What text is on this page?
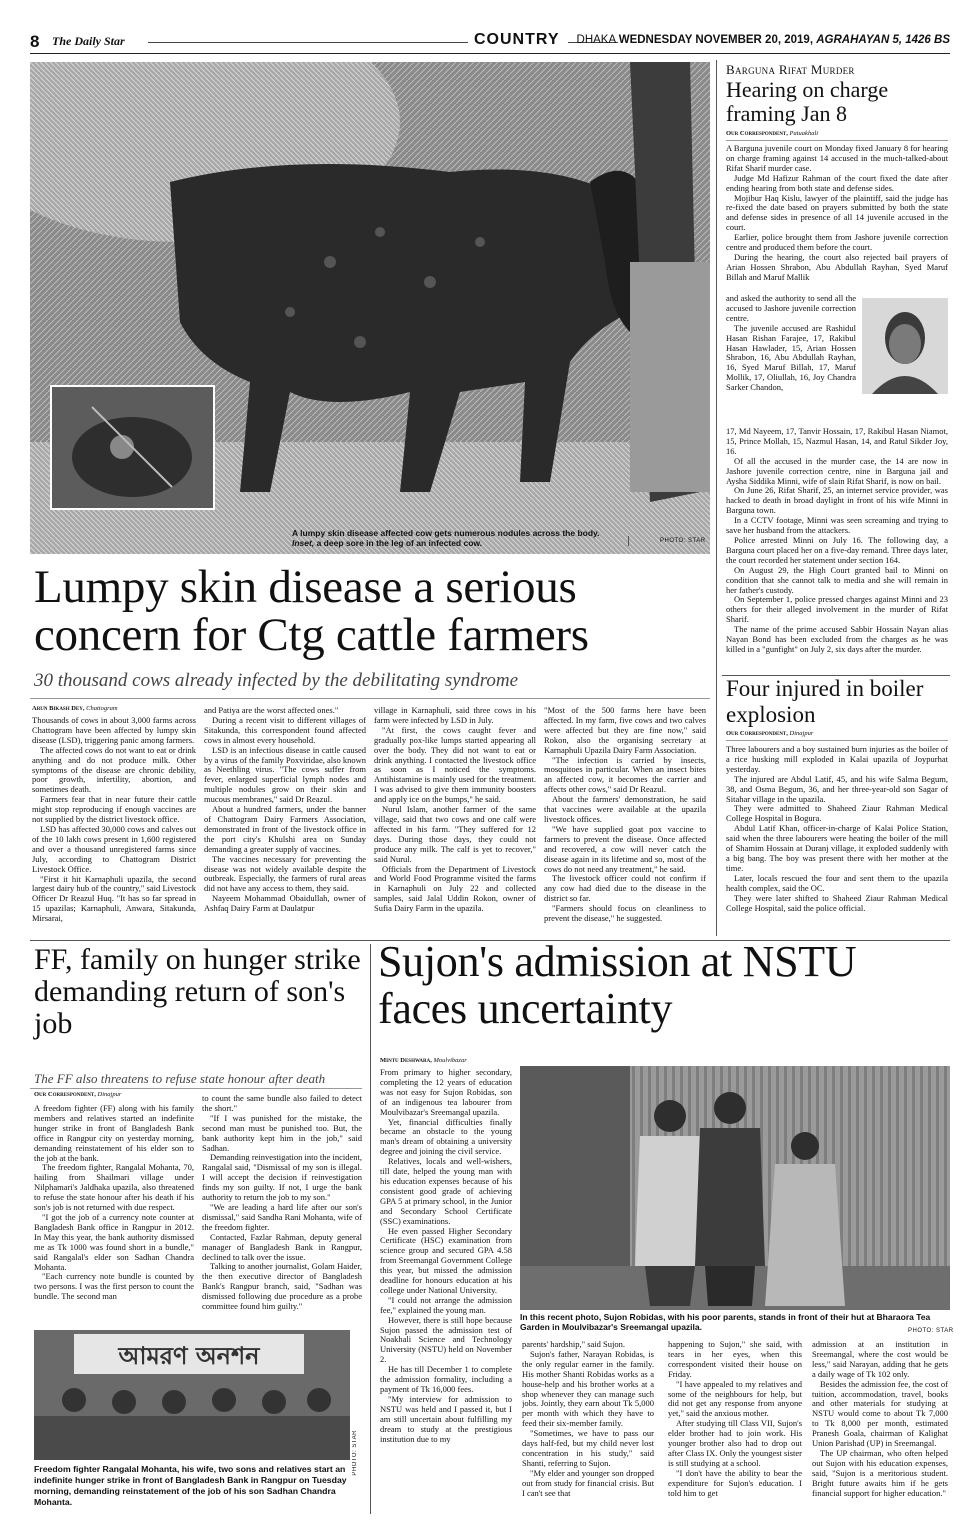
8 The Daily Star	COUNTRY DHAKA WEDNESDAY NOVEMBER 20, 2019, AGRAHAYAN 5, 1426 BS
A lumpy skin disease affected cow gets numerous nodules across the body.
Inset, a deep sore in the leg of an infected cow.	PHOTO: STAR
Lumpy skin disease a serious concern for Ctg cattle farmers
30 thousand cows already infected by the debilitating syndrome
Arun Bikash Dey, Chattogram

Thousands of cows in about 3,000 farms across Chattogram have been affected by lumpy skin disease (LSD), triggering panic among farmers.

The affected cows do not want to eat or drink anything and do not produce milk. Other symptoms of the disease are chronic debility, poor growth, infertility, abortion, and sometimes death.

Farmers fear that in near future their cattle might stop reproducing if enough vaccines are not supplied by the district livestock office.

LSD has affected 30,000 cows and calves out of the 10 lakh cows present in 1,600 registered and over a thousand unregistered farms since July, according to Chattogram District Livestock Office.

"First it hit Karnaphuli upazila, the second largest dairy hub of the country," said Livestock Officer Dr Reazul Huq. "It has so far spread in 15 upazilas; Karnaphuli, Anwara, Sitakunda, Mirsarai,

and Patiya are the worst affected ones."

During a recent visit to different villages of Sitakunda, this correspondent found affected cows in almost every household.

LSD is an infectious disease in cattle caused by a virus of the family Poxviridae, also known as Neethling virus. "The cows suffer from fever, enlarged superficial lymph nodes and multiple nodules grow on their skin and mucous membranes," said Dr Reazul.

About a hundred farmers, under the banner of Chattogram Dairy Farmers Association, demonstrated in front of the livestock office in the port city's Khulshi area on Sunday demanding a greater supply of vaccines.

The vaccines necessary for preventing the disease was not widely available despite the outbreak. Especially, the farmers of rural areas did not have any access to them, they said.

Nayeem Mohammad Obaidullah, owner of Ashfaq Dairy Farm at Daulatpur

village in Karnaphuli, said three cows in his farm were infected by LSD in July.

"At first, the cows caught fever and gradually pox-like lumps started appearing all over the body. They did not want to eat or drink anything. I contacted the livestock office as soon as I noticed the symptoms. Antihistamine is mainly used for the treatment. I was advised to give them immunity boosters and apply ice on the bumps," he said.

Nurul Islam, another farmer of the same village, said that two cows and one calf were affected in his farm. "They suffered for 12 days. During those days, they could not produce any milk. The calf is yet to recover," said Nurul.

Officials from the Department of Livestock and World Food Programme visited the farms in Karnaphuli on July 22 and collected samples, said Jalal Uddin Rokon, owner of Sufia Dairy Farm in the upazila.

"Most of the 500 farms here have been affected. In my farm, five cows and two calves were affected but they are fine now," said Rokon, also the organising secretary at Karnaphuli Upazila Dairy Farm Association.

"The infection is carried by insects, mosquitoes in particular. When an insect bites an affected cow, it becomes the carrier and affects other cows," said Dr Reazul.

About the farmers' demonstration, he said that vaccines were available at the upazila livestock offices.

"We have supplied goat pox vaccine to farmers to prevent the disease. Once affected and recovered, a cow will never catch the disease again in its lifetime and so, most of the cows do not need any treatment," he said.

The livestock officer could not confirm if any cow had died due to the disease in the district so far.

"Farmers should focus on cleanliness to prevent the disease," he suggested.

Barguna Rifat Murder
Hearing on charge framing Jan 8
Our Correspondent, Patuakhali

A Barguna juvenile court on Monday fixed January 8 for hearing on charge framing against 14 accused in the much-talked-about Rifat Sharif murder case.

Judge Md Hafizur Rahman of the court fixed the date after ending hearing from both state and defense sides.

Mojibur Haq Kislu, lawyer of the plaintiff, said the judge has re-fixed the date based on prayers submitted by both the state and defense sides in presence of all 14 juvenile accused in the court.

Earlier, police brought them from Jashore juvenile correction centre and produced them before the court.

During the hearing, the court also rejected bail prayers of Arian Hossen Shrabon, Abu Abdullah Rayhan, Syed Maruf Billah and Maruf Mallik

and asked the authority to send all the accused to Jashore juvenile correction centre.

The juvenile accused are Rashidul Hasan Rishan Farajee, 17, Rakibul Hasan Hawlader, 15, Arian Hossen Shrabon, 16, Abu Abdullah Rayhan, 16, Syed Maruf Billah, 17, Maruf Mollik, 17, Oliullah, 16, Joy Chandra Sarker Chandon,

17, Md Nayeem, 17, Tanvir Hossain, 17, Rakibul Hasan Niamot, 15, Prince Mollah, 15, Nazmul Hasan, 14, and Ratul Sikder Joy, 16.

Of all the accused in the murder case, the 14 are now in Jashore juvenile correction centre, nine in Barguna jail and Aysha Siddika Minni, wife of slain Rifat Sharif, is now on bail.

On June 26, Rifat Sharif, 25, an internet service provider, was hacked to death in broad daylight in front of his wife Minni in Barguna town.

In a CCTV footage, Minni was seen screaming and trying to save her husband from the attackers.

Police arrested Minni on July 16. The following day, a Barguna court placed her on a five-day remand. Three days later, the court recorded her statement under section 164.

On August 29, the High Court granted bail to Minni on condition that she cannot talk to media and she will remain in her father's custody.

On September 1, police pressed charges against Minni and 23 others for their alleged involvement in the murder of Rifat Sharif.

The name of the prime accused Sabbir Hossain Nayan alias Nayan Bond has been excluded from the charges as he was killed in a "gunfight" on July 2, six days after the murder.

Four injured in boiler explosion
Our Correspondent, Dinajpur

Three labourers and a boy sustained burn injuries as the boiler of a rice husking mill exploded in Kalai upazila of Joypurhat yesterday.

The injured are Abdul Latif, 45, and his wife Salma Begum, 38, and Osma Begum, 36, and her three-year-old son Sagar of Sitahar village in the upazila.

They were admitted to Shaheed Ziaur Rahman Medical College Hospital in Bogura.

Abdul Latif Khan, officer-in-charge of Kalai Police Station, said when the three labourers were heating the boiler of the mill of Shamim Hossain at Duranj village, it exploded suddenly with a big bang. The boy was present there with her mother at the time.

Later, locals rescued the four and sent them to the upazila health complex, said the OC.

They were later shifted to Shaheed Ziaur Rahman Medical College Hospital, said the police official.

FF, family on hunger strike demanding return of son's job
The FF also threatens to refuse state honour after death
Our Correspondent, Dinajpur

A freedom fighter (FF) along with his family members and relatives started an indefinite hunger strike in front of Bangladesh Bank office in Rangpur city on yesterday morning, demanding reinstatement of his elder son to the job at the bank.

The freedom fighter, Rangalal Mohanta, 70, hailing from Shailmari village under Nilphamari's Jaldhaka upazila, also threatened to refuse the state honour after his death if his son's job is not returned with due respect.

"I got the job of a currency note counter at Bangladesh Bank office in Rangpur in 2012. In May this year, the bank authority dismissed me as Tk 1000 was found short in a bundle," said Rangalal's elder son Sadhan Chandra Mohanta.

"Each currency note bundle is counted by two persons. I was the first person to count the bundle. The second man

to count the same bundle also failed to detect the short."

"If I was punished for the mistake, the second man must be punished too. But, the bank authority kept him in the job," said Sadhan.

Demanding reinvestigation into the incident, Rangalal said, "Dismissal of my son is illegal. I will accept the decision if reinvestigation finds my son guilty. If not, I urge the bank authority to return the job to my son."

"We are leading a hard life after our son's dismissal," said Sandha Rani Mohanta, wife of the freedom fighter.

Contacted, Fazlar Rahman, deputy general manager of Bangladesh Bank in Rangpur, declined to talk over the issue.

Talking to another journalist, Golam Haider, the then executive director of Bangladesh Bank's Rangpur branch, said, "Sadhan was dismissed following due procedure as a probe committee found him guilty."

আমরণ অনশন
PHOTO: STAR
Freedom fighter Rangalal Mohanta, his wife, two sons and relatives start an indefinite hunger strike in front of Bangladesh Bank in Rangpur on Tuesday morning, demanding reinstatement of the job of his son Sadhan Chandra Mohanta.
Sujon's admission at NSTU faces uncertainty
Mintu Deshwara, Moulvibazar

From primary to higher secondary, completing the 12 years of education was not easy for Sujon Robidas, son of an indigenous tea labourer from Moulvibazar's Sreemangal upazila.

Yet, financial difficulties finally became an obstacle to the young man's dream of obtaining a university degree and joining the civil service.

Relatives, locals and well-wishers, till date, helped the young man with his education expenses because of his consistent good grade of achieving GPA 5 at primary school, in the Junior and Secondary School Certificate (SSC) examinations.

He even passed Higher Secondary Certificate (HSC) examination from science group and secured GPA 4.58 from Sreemangal Government College this year, but missed the admission deadline for honours education at his college under National University.

"I could not arrange the admission fee," explained the young man.

However, there is still hope because Sujon passed the admission test of Noakhali Science and Technology University (NSTU) held on November 2.

He has till December 1 to complete the admission formality, including a payment of Tk 16,000 fees.

"My interview for admission to NSTU was held and I passed it, but I am still uncertain about fulfilling my dream to study at the prestigious institution due to my

In this recent photo, Sujon Robidas, with his poor parents, stands in front of their hut at Bharaora Tea Garden in Moulvibazar's Sreemangal upazila.	PHOTO: STAR

parents' hardship," said Sujon.

Sujon's father, Narayan Robidas, is the only regular earner in the family. His mother Shanti Robidas works as a house-help and his brother works at a shop whenever they can manage such jobs. Jointly, they earn about Tk 5,000 per month with which they have to feed their six-member family.

"Sometimes, we have to pass our days half-fed, but my child never lost concentration in his study," said Shanti, referring to Sujon.

"My elder and younger son dropped out from study for financial crisis. But I can't see that

happening to Sujon," she said, with tears in her eyes, when this correspondent visited their house on Friday.

"I have appealed to my relatives and some of the neighbours for help, but did not get any response from anyone yet," said the anxious mother.

After studying till Class VII, Sujon's elder brother had to join work. His younger brother also had to drop out after Class IX. Only the youngest sister is still studying at a school.

"I don't have the ability to bear the expenditure for Sujon's education. I told him to get

admission at an institution in Sreemangal, where the cost would be less," said Narayan, adding that he gets a daily wage of Tk 102 only.

Besides the admission fee, the cost of tuition, accommodation, travel, books and other materials for studying at NSTU would come to about Tk 7,000 to Tk 8,000 per month, estimated Pranesh Goala, chairman of Kalighat Union Parishad (UP) in Sreemangal.

The UP chairman, who often helped out Sujon with his education expenses, said, "Sujon is a meritorious student. Bright future awaits him if he gets financial support for higher education."
